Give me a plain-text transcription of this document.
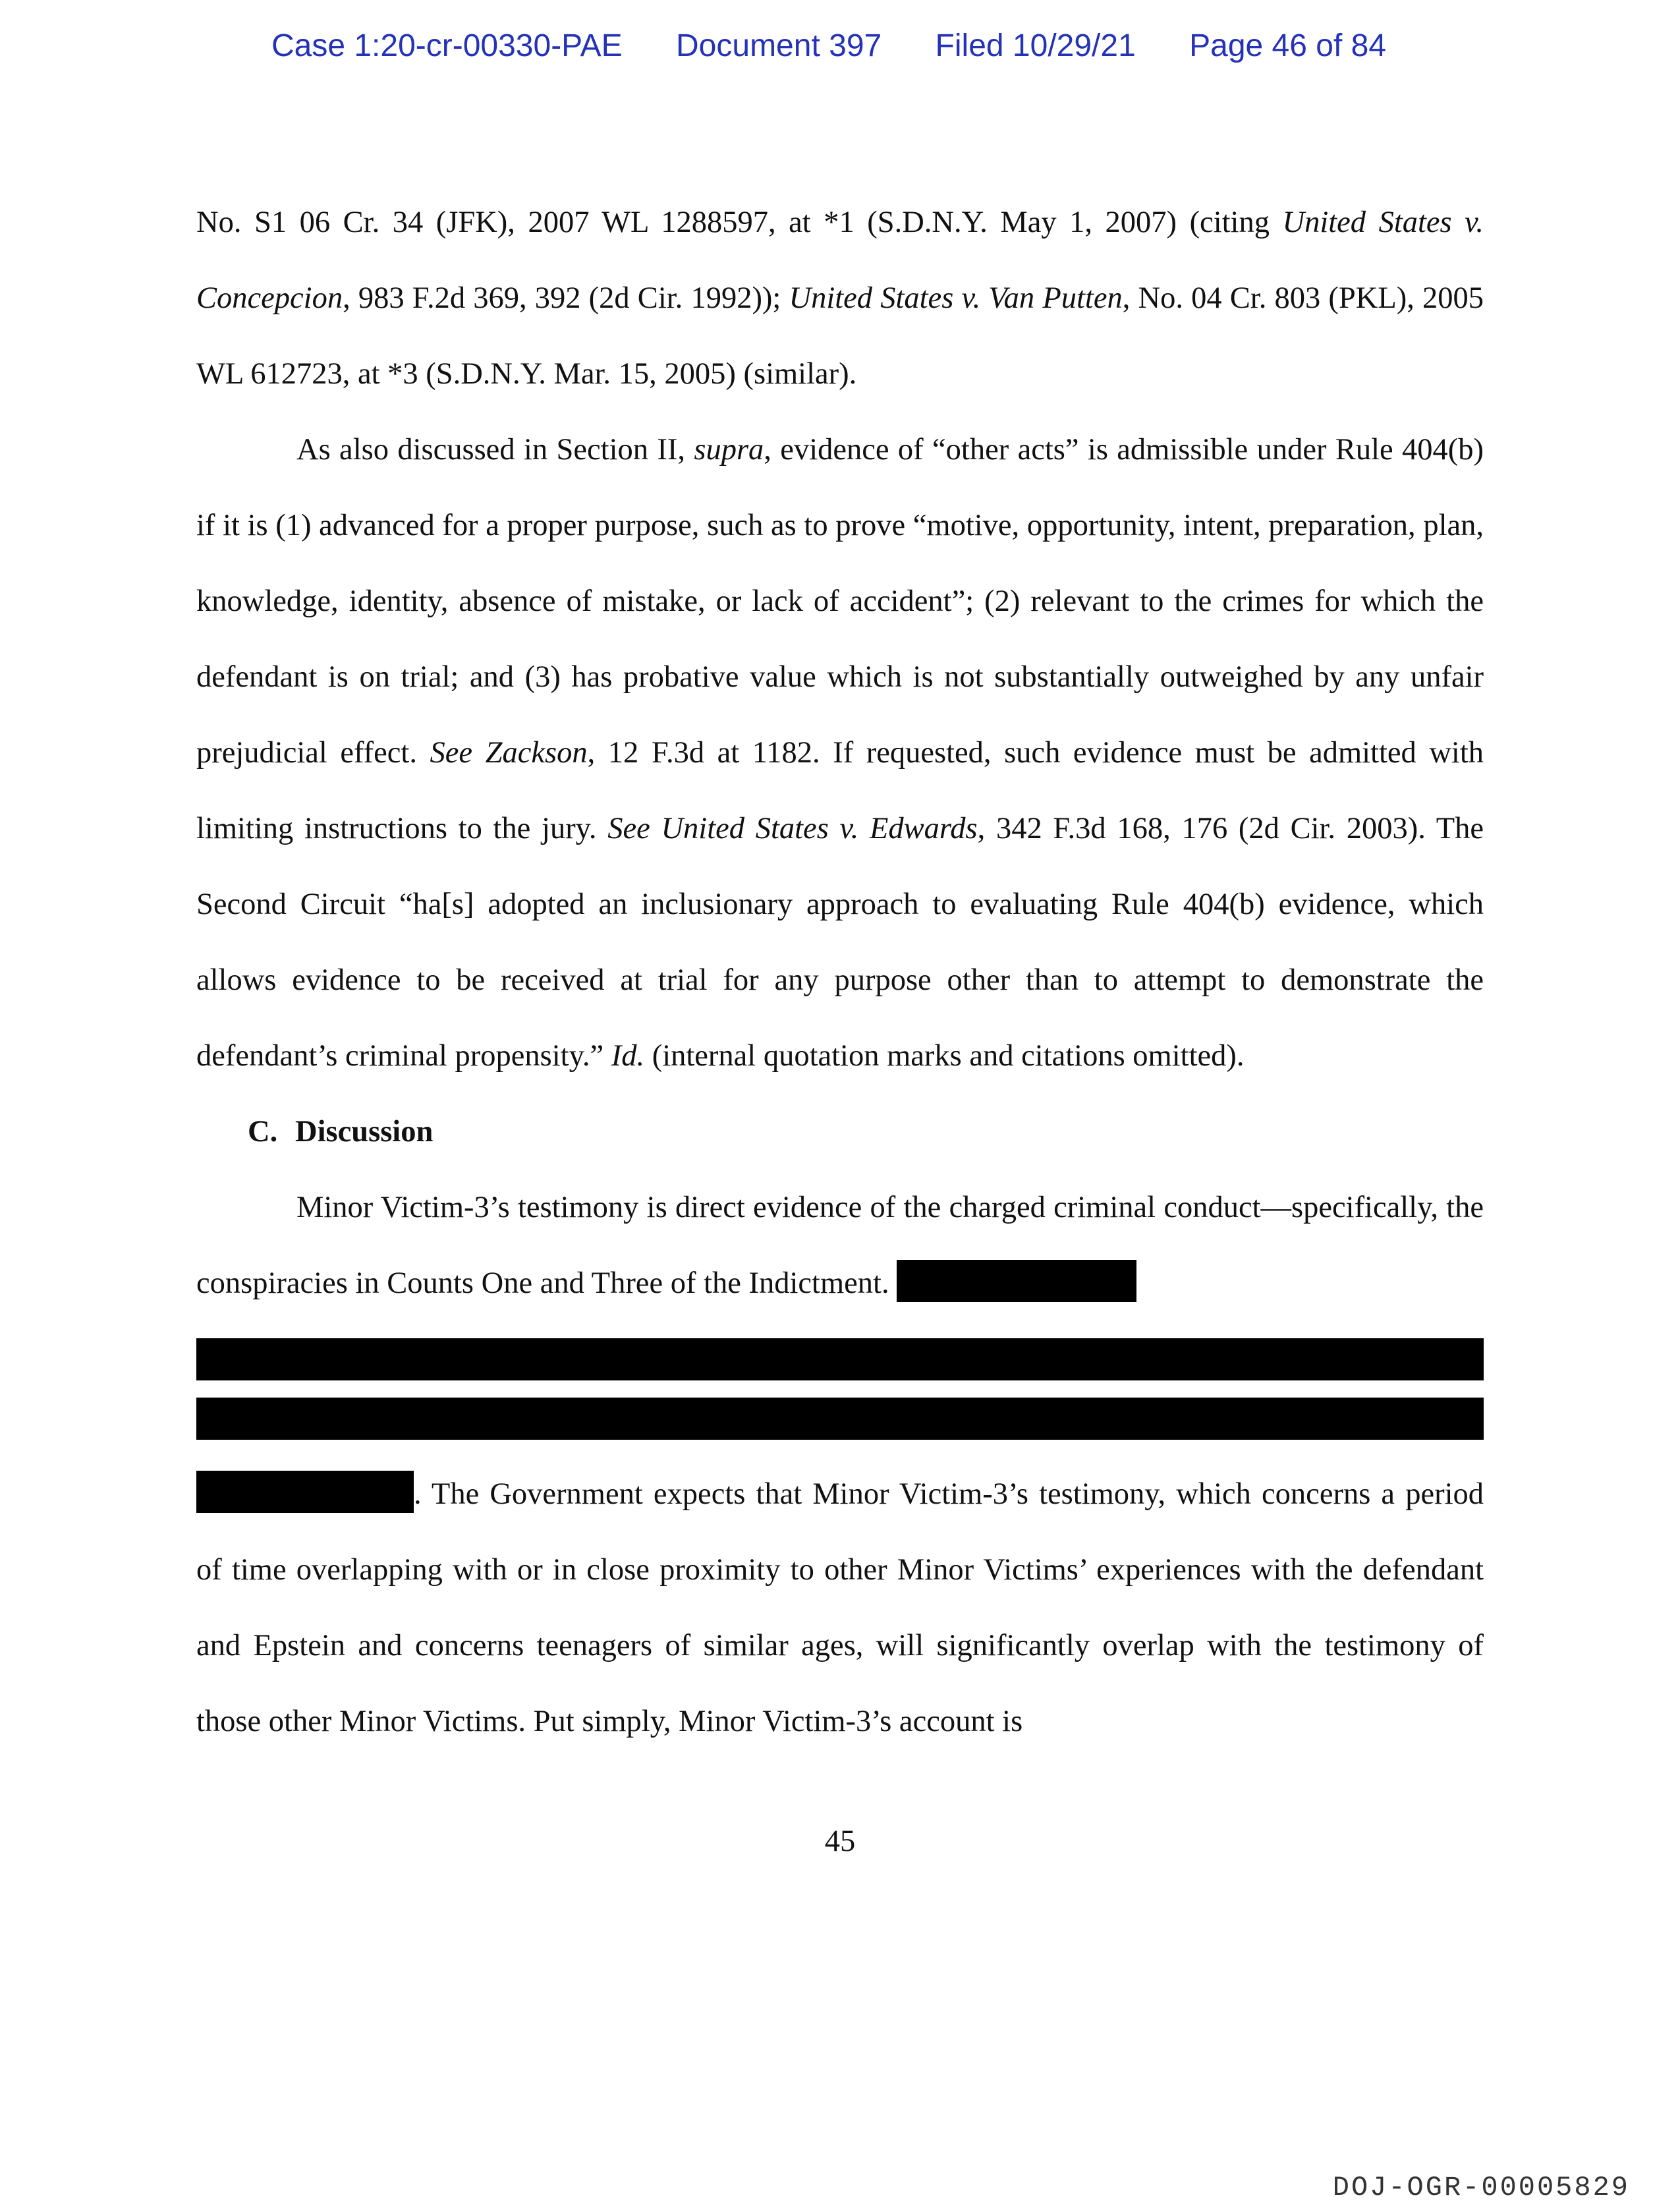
Case 1:20-cr-00330-PAE Document 397 Filed 10/29/21 Page 46 of 84

No. S1 06 Cr. 34 (JFK), 2007 WL 1288597, at *1 (S.D.N.Y. May 1, 2007) (citing United States v. Concepcion, 983 F.2d 369, 392 (2d Cir. 1992)); United States v. Van Putten, No. 04 Cr. 803 (PKL), 2005 WL 612723, at *3 (S.D.N.Y. Mar. 15, 2005) (similar).

As also discussed in Section II, supra, evidence of “other acts” is admissible under Rule 404(b) if it is (1) advanced for a proper purpose, such as to prove “motive, opportunity, intent, preparation, plan, knowledge, identity, absence of mistake, or lack of accident”; (2) relevant to the crimes for which the defendant is on trial; and (3) has probative value which is not substantially outweighed by any unfair prejudicial effect. See Zackson, 12 F.3d at 1182. If requested, such evidence must be admitted with limiting instructions to the jury. See United States v. Edwards, 342 F.3d 168, 176 (2d Cir. 2003). The Second Circuit “ha[s] adopted an inclusionary approach to evaluating Rule 404(b) evidence, which allows evidence to be received at trial for any purpose other than to attempt to demonstrate the defendant’s criminal propensity.” Id. (internal quotation marks and citations omitted).

C. Discussion

Minor Victim-3’s testimony is direct evidence of the charged criminal conduct—specifically, the conspiracies in Counts One and Three of the Indictment.
. The Government expects that Minor Victim-3’s testimony, which concerns a period of time overlapping with or in close proximity to other Minor Victims’ experiences with the defendant and Epstein and concerns teenagers of similar ages, will significantly overlap with the testimony of those other Minor Victims. Put simply, Minor Victim-3’s account is

45
DOJ-OGR-00005829
